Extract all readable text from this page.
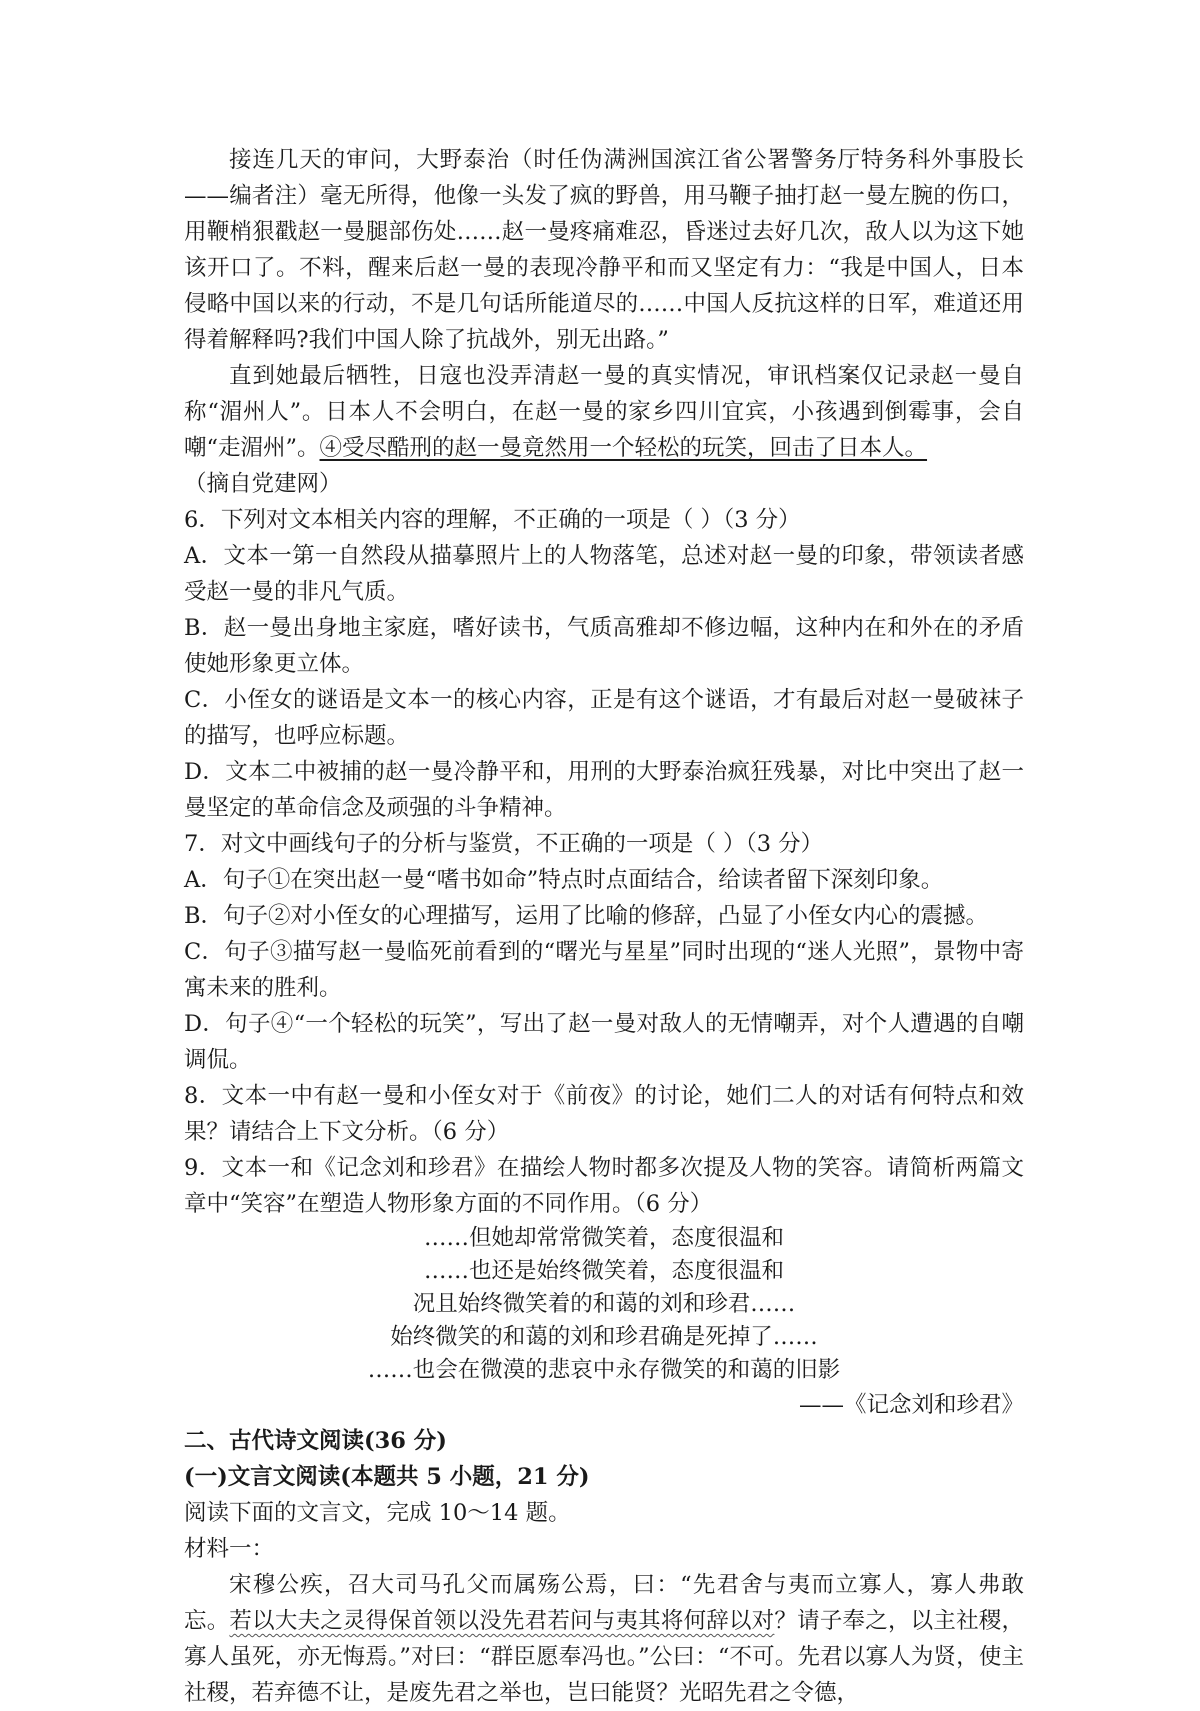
接连几天的审问，大野泰治（时任伪满洲国滨江省公署警务厅特务科外事股长——编者注）毫无所得，他像一头发了疯的野兽，用马鞭子抽打赵一曼左腕的伤口，用鞭梢狠戳赵一曼腿部伤处……赵一曼疼痛难忍，昏迷过去好几次，敌人以为这下她该开口了。不料，醒来后赵一曼的表现冷静平和而又坚定有力：“我是中国人，日本侵略中国以来的行动，不是几句话所能道尽的……中国人反抗这样的日军，难道还用得着解释吗?我们中国人除了抗战外，别无出路。”

直到她最后牺牲，日寇也没弄清赵一曼的真实情况，审讯档案仅记录赵一曼自称“湄州人”。日本人不会明白，在赵一曼的家乡四川宜宾，小孩遇到倒霉事，会自嘲“走湄州”。④受尽酷刑的赵一曼竟然用一个轻松的玩笑，回击了日本人。

（摘自党建网）

6．下列对文本相关内容的理解，不正确的一项是（ ）（3 分）

A．文本一第一自然段从描摹照片上的人物落笔，总述对赵一曼的印象，带领读者感受赵一曼的非凡气质。

B．赵一曼出身地主家庭，嗜好读书，气质高雅却不修边幅，这种内在和外在的矛盾使她形象更立体。

C．小侄女的谜语是文本一的核心内容，正是有这个谜语，才有最后对赵一曼破袜子的描写，也呼应标题。

D．文本二中被捕的赵一曼冷静平和，用刑的大野泰治疯狂残暴，对比中突出了赵一曼坚定的革命信念及顽强的斗争精神。

7．对文中画线句子的分析与鉴赏，不正确的一项是（ ）（3 分）

A．句子①在突出赵一曼“嗜书如命”特点时点面结合，给读者留下深刻印象。

B．句子②对小侄女的心理描写，运用了比喻的修辞，凸显了小侄女内心的震撼。

C．句子③描写赵一曼临死前看到的“曙光与星星”同时出现的“迷人光照”，景物中寄寓未来的胜利。

D．句子④“一个轻松的玩笑”，写出了赵一曼对敌人的无情嘲弄，对个人遭遇的自嘲调侃。

8．文本一中有赵一曼和小侄女对于《前夜》的讨论，她们二人的对话有何特点和效果？请结合上下文分析。（6 分）

9．文本一和《记念刘和珍君》在描绘人物时都多次提及人物的笑容。请简析两篇文章中“笑容”在塑造人物形象方面的不同作用。（6 分）

……但她却常常微笑着，态度很温和

……也还是始终微笑着，态度很温和

况且始终微笑着的和蔼的刘和珍君……

始终微笑的和蔼的刘和珍君确是死掉了……

……也会在微漠的悲哀中永存微笑的和蔼的旧影

——《记念刘和珍君》

二、古代诗文阅读(36 分)

(一)文言文阅读(本题共 5 小题，21 分)

阅读下面的文言文，完成 10～14 题。

材料一：

宋穆公疾，召大司马孔父而属殇公焉，曰：“先君舍与夷而立寡人，寡人弗敢忘。若以大夫之灵得保首领以没先君若问与夷其将何辞以对？请子奉之，以主社稷，寡人虽死，亦无悔焉。”对曰：“群臣愿奉冯也。”公曰：“不可。先君以寡人为贤，使主社稷，若弃德不让，是废先君之举也，岂曰能贤？光昭先君之令德，
